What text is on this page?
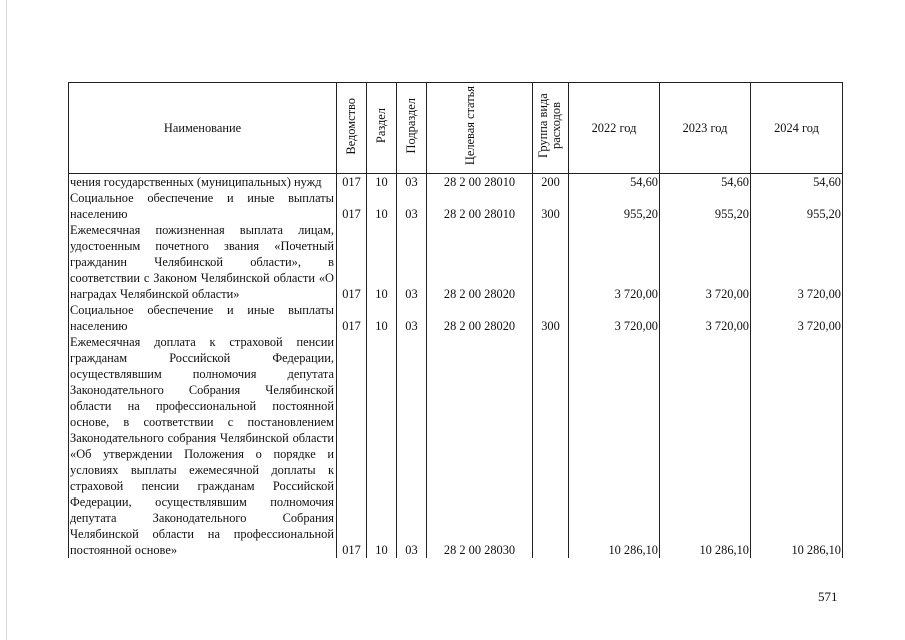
Наименование	Ведомство	Раздел	Подраздел	Целевая статья	Группа вида расходов	2022 год	2023 год	2024 год
чения государственных (муниципальных) нужд	017	10	03	28 2 00 28010	200	54,60	54,60	54,60
Социальное обеспечение и иные выплаты населению	017	10	03	28 2 00 28010	300	955,20	955,20	955,20
Ежемесячная пожизненная выплата лицам, удостоенным почетного звания «Почетный гражданин Челябинской области», в соответствии с Законом Челябинской области «О наградах Челябинской области»	017	10	03	28 2 00 28020		3 720,00	3 720,00	3 720,00
Социальное обеспечение и иные выплаты населению	017	10	03	28 2 00 28020	300	3 720,00	3 720,00	3 720,00
Ежемесячная доплата к страховой пенсии гражданам Российской Федерации, осуществлявшим полномочия депутата Законодательного Собрания Челябинской области на профессиональной постоянной основе, в соответствии с постановлением Законодательного собрания Челябинской области «Об утверждении Положения о порядке и условиях выплаты ежемесячной доплаты к страховой пенсии гражданам Российской Федерации, осуществлявшим полномочия депутата Законодательного Собрания Челябинской области на профессиональной постоянной основе»	017	10	03	28 2 00 28030		10 286,10	10 286,10	10 286,10
571
